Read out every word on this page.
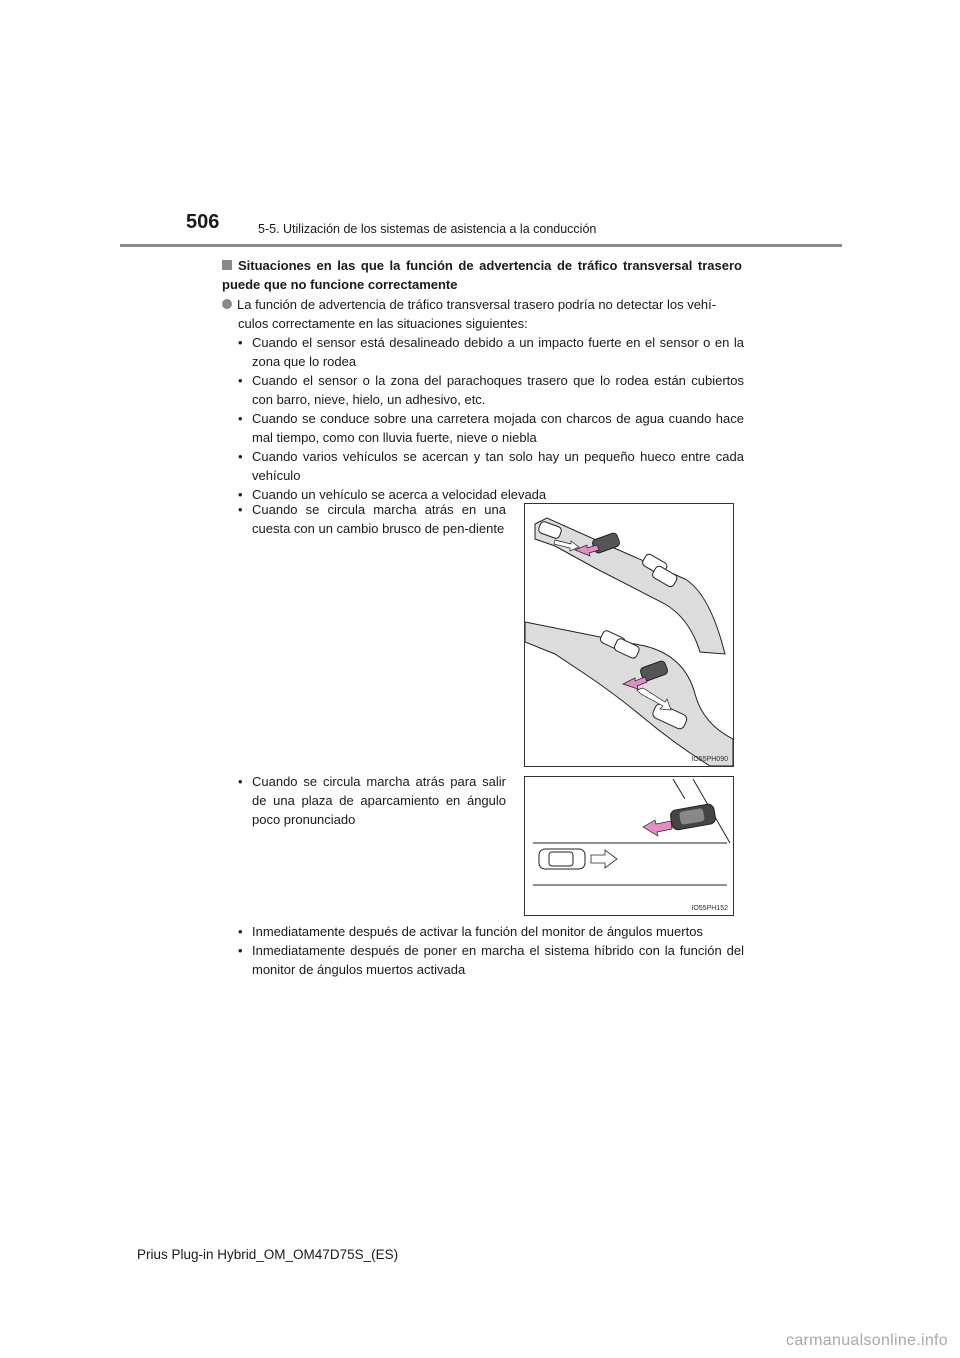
506	5-5. Utilización de los sistemas de asistencia a la conducción
Situaciones en las que la función de advertencia de tráfico transversal trasero puede que no funcione correctamente
La función de advertencia de tráfico transversal trasero podría no detectar los vehí-
culos correctamente en las situaciones siguientes:
• Cuando el sensor está desalineado debido a un impacto fuerte en el sensor o en la zona que lo rodea
• Cuando el sensor o la zona del parachoques trasero que lo rodea están cubiertos con barro, nieve, hielo, un adhesivo, etc.
• Cuando se conduce sobre una carretera mojada con charcos de agua cuando hace mal tiempo, como con lluvia fuerte, nieve o niebla
• Cuando varios vehículos se acercan y tan solo hay un pequeño hueco entre cada vehículo
• Cuando un vehículo se acerca a velocidad elevada
• Cuando se circula marcha atrás en una cuesta con un cambio brusco de pen-diente
IO55PH090
• Cuando se circula marcha atrás para salir de una plaza de aparcamiento en ángulo poco pronunciado
IO55PH152
• Inmediatamente después de activar la función del monitor de ángulos muertos
• Inmediatamente después de poner en marcha el sistema híbrido con la función del monitor de ángulos muertos activada
Prius Plug-in Hybrid_OM_OM47D75S_(ES)
carmanualsonline.info
